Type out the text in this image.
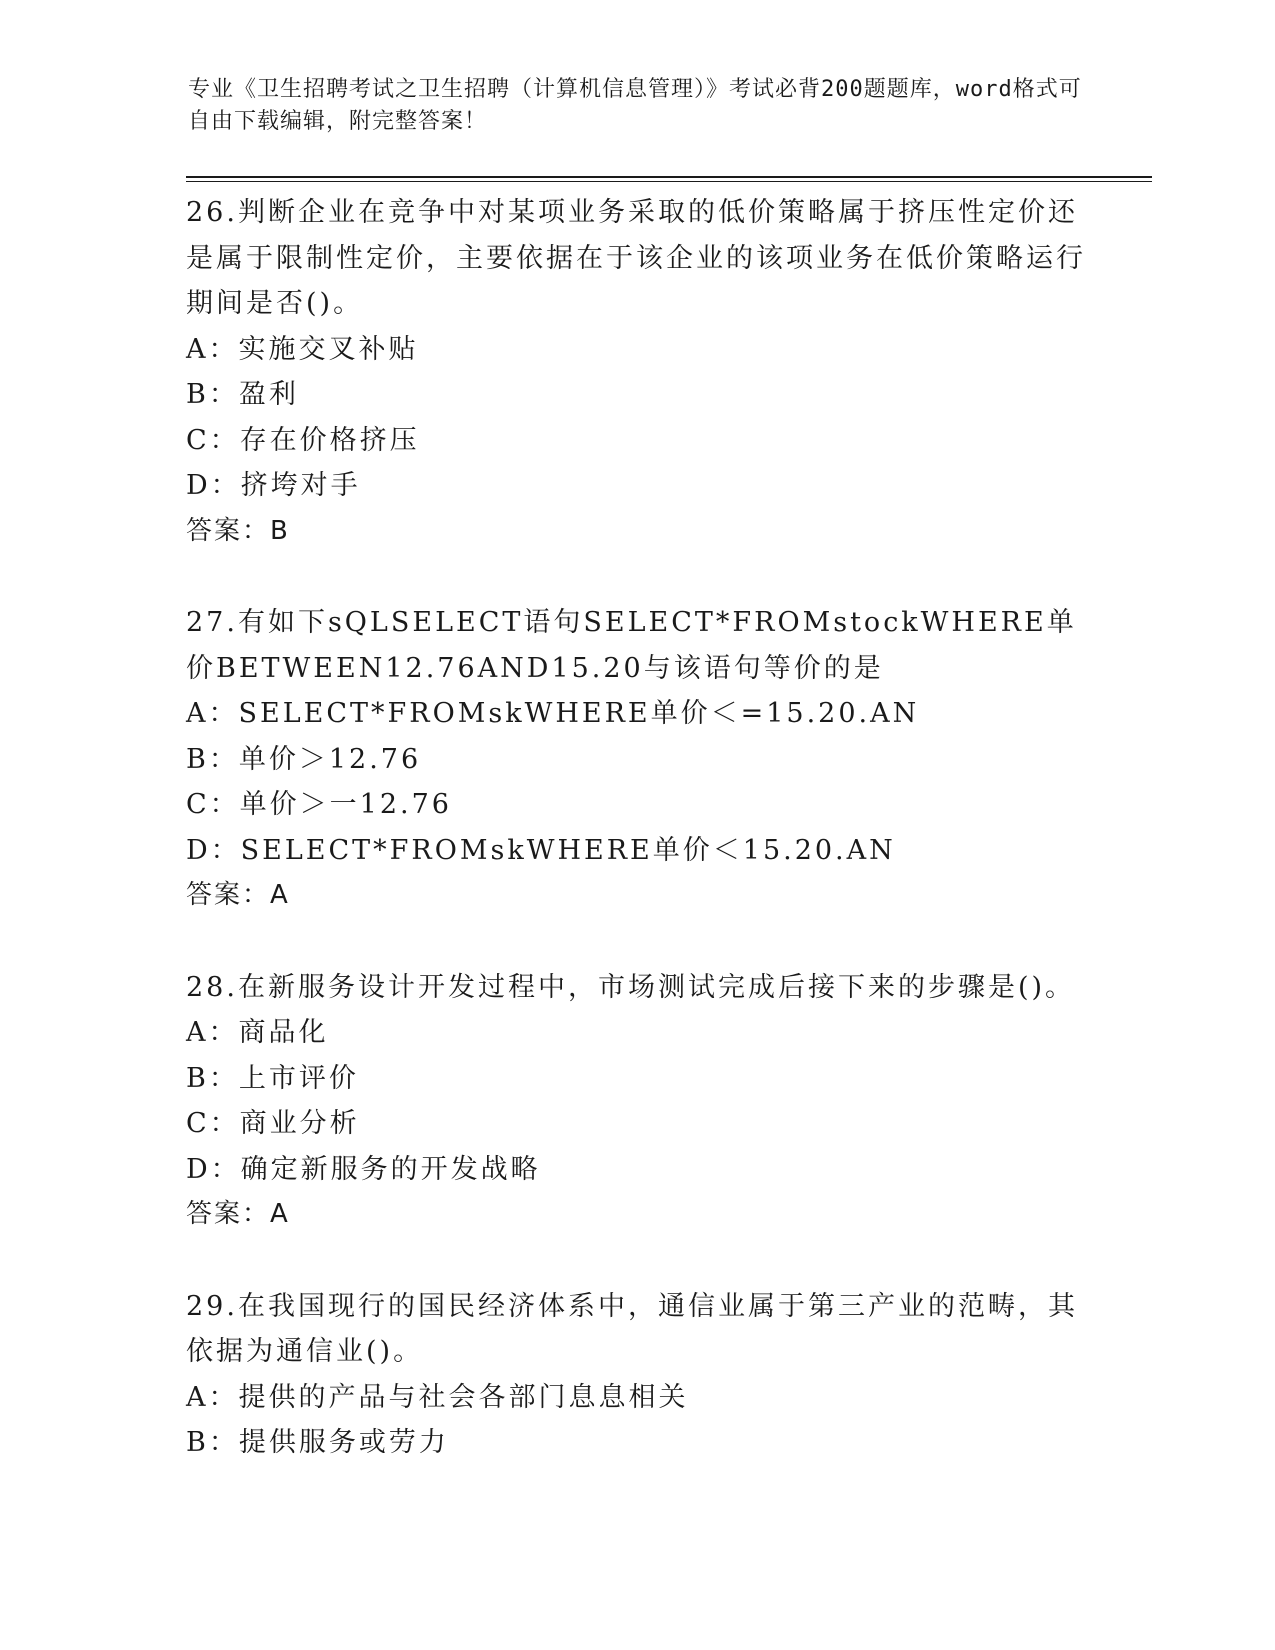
专业《卫生招聘考试之卫生招聘（计算机信息管理）》考试必背200题题库，word格式可自由下载编辑，附完整答案！

26.判断企业在竞争中对某项业务采取的低价策略属于挤压性定价还是属于限制性定价，主要依据在于该企业的该项业务在低价策略运行期间是否()。

A：实施交叉补贴

B：盈利

C：存在价格挤压

D：挤垮对手

答案：B

27.有如下sQLSELECT语句SELECT*FROMstockWHERE单价BETWEEN12.76AND15.20与该语句等价的是

A：SELECT*FROMskWHERE单价＜=15.20.AN

B：单价＞12.76

C：单价＞一12.76

D：SELECT*FROMskWHERE单价＜15.20.AN

答案：A

28.在新服务设计开发过程中，市场测试完成后接下来的步骤是()。

A：商品化

B：上市评价

C：商业分析

D：确定新服务的开发战略

答案：A

29.在我国现行的国民经济体系中，通信业属于第三产业的范畴，其依据为通信业()。

A：提供的产品与社会各部门息息相关

B：提供服务或劳力
